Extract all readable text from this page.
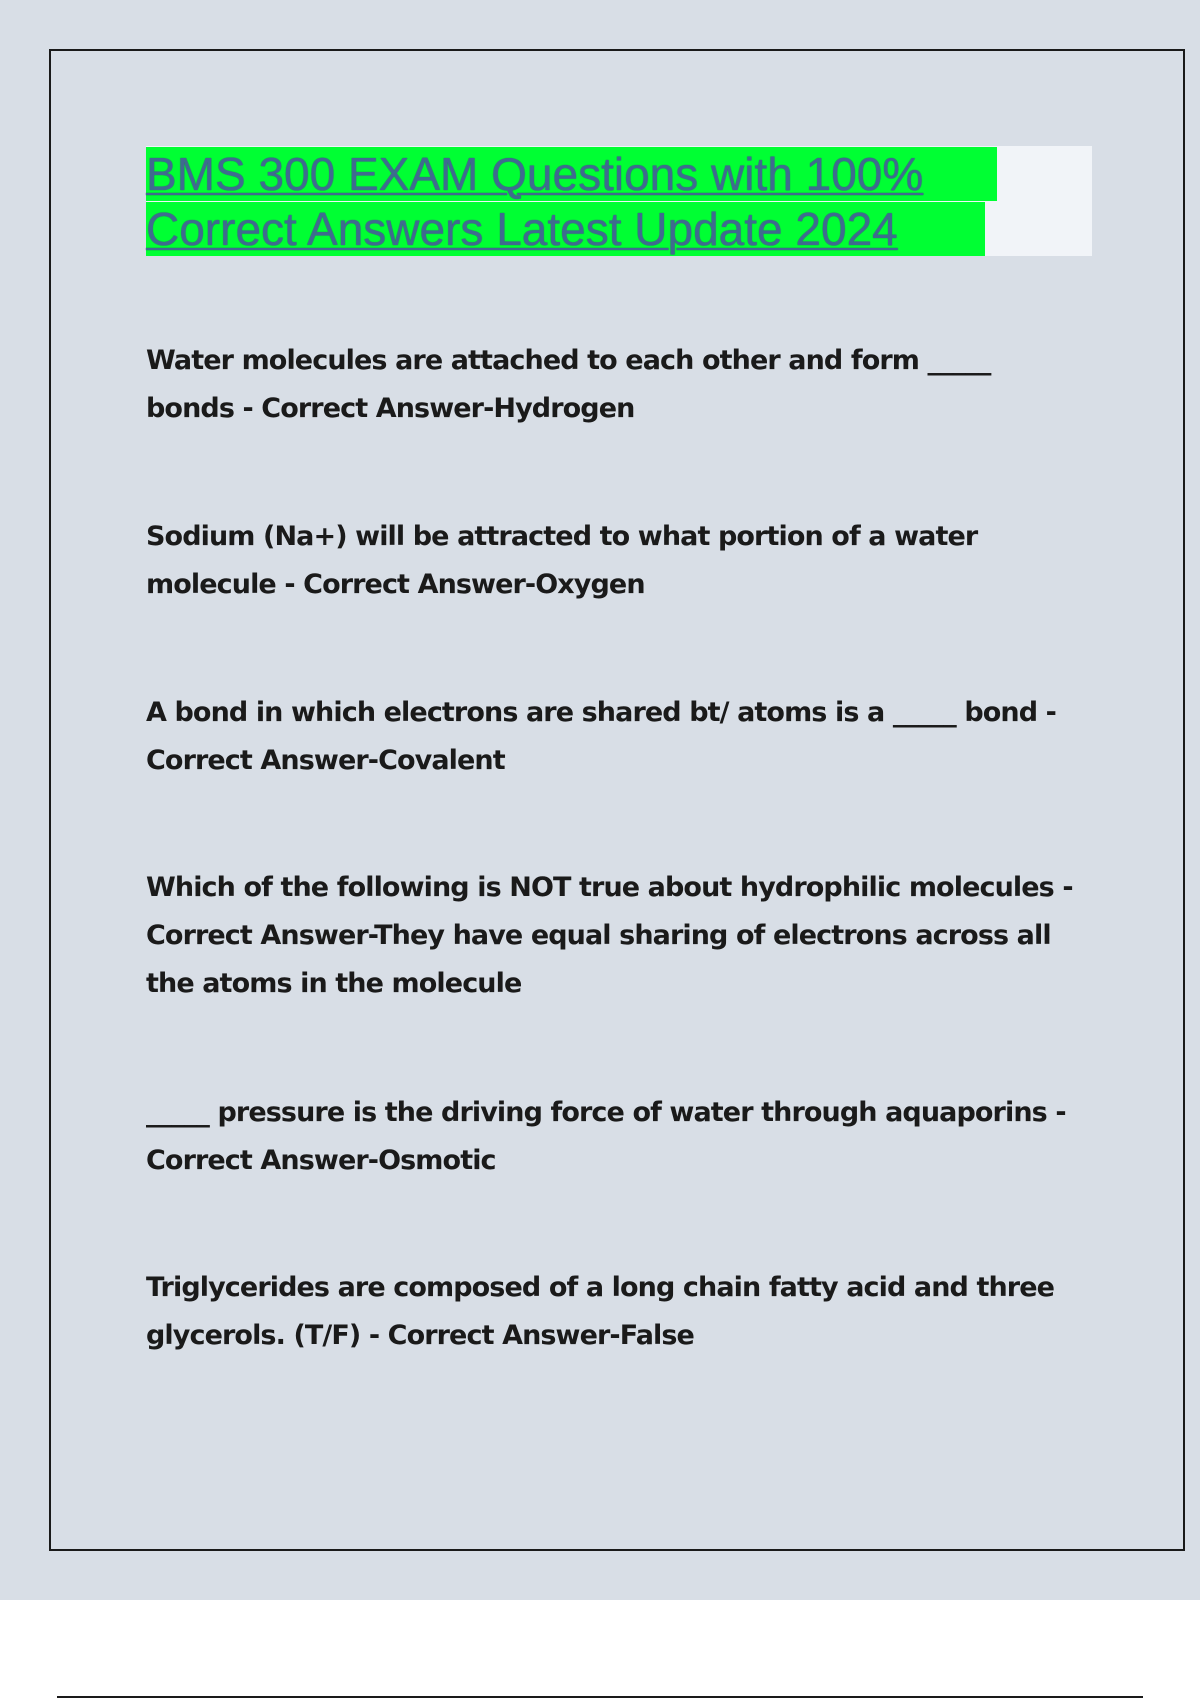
BMS 300 EXAM Questions with 100%
Correct Answers Latest Update 2024

Water molecules are attached to each other and form _____ bonds - Correct Answer-Hydrogen

Sodium (Na+) will be attracted to what portion of a water molecule - Correct Answer-Oxygen

A bond in which electrons are shared bt/ atoms is a _____ bond - Correct Answer-Covalent

Which of the following is NOT true about hydrophilic molecules - Correct Answer-They have equal sharing of electrons across all the atoms in the molecule

_____ pressure is the driving force of water through aquaporins - Correct Answer-Osmotic

Triglycerides are composed of a long chain fatty acid and three glycerols. (T/F) - Correct Answer-False
